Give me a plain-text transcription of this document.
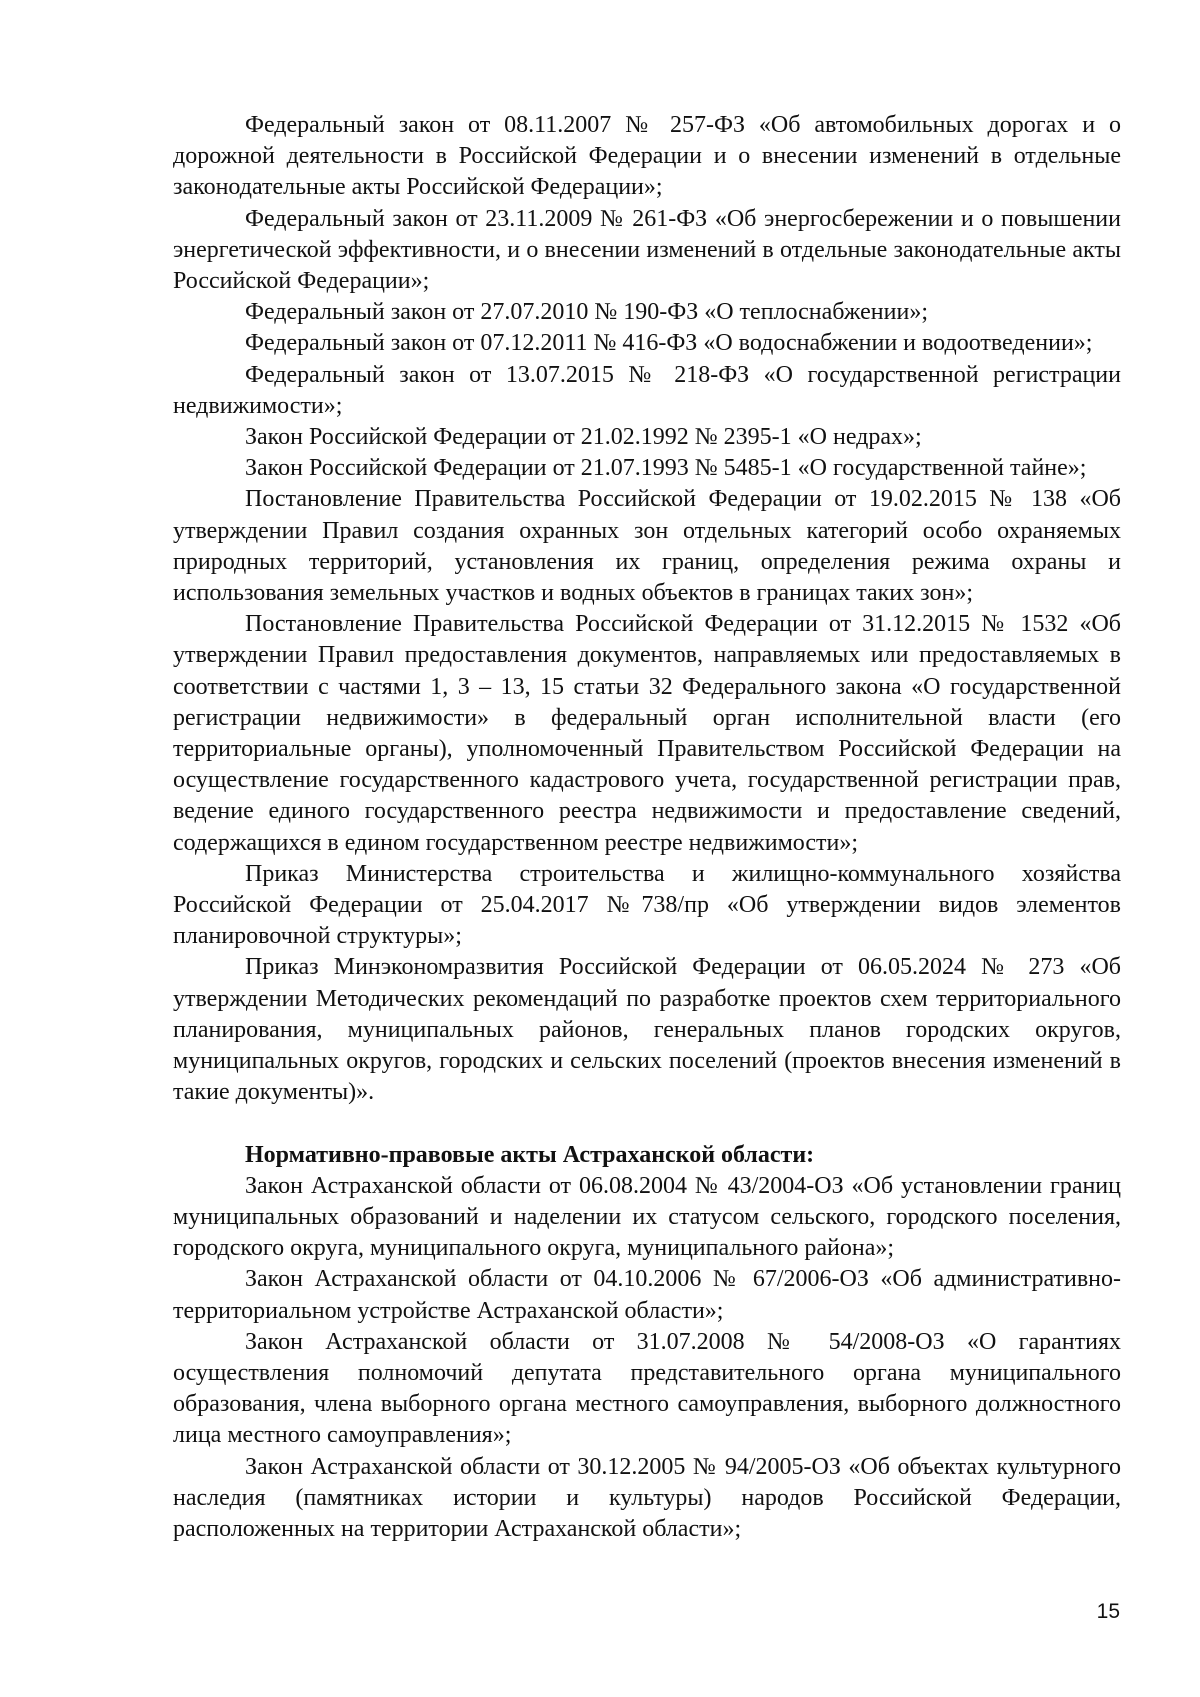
Федеральный закон от 08.11.2007 № 257-ФЗ «Об автомобильных дорогах и о дорожной деятельности в Российской Федерации и о внесении изменений в отдельные законодательные акты Российской Федерации»;

Федеральный закон от 23.11.2009 № 261-ФЗ «Об энергосбережении и о повышении энергетической эффективности, и о внесении изменений в отдельные законодательные акты Российской Федерации»;

Федеральный закон от 27.07.2010 № 190-ФЗ «О теплоснабжении»;

Федеральный закон от 07.12.2011 № 416-ФЗ «О водоснабжении и водоотведении»;

Федеральный закон от 13.07.2015 № 218-ФЗ «О государственной регистрации недвижимости»;

Закон Российской Федерации от 21.02.1992 № 2395-1 «О недрах»;

Закон Российской Федерации от 21.07.1993 № 5485-1 «О государственной тайне»;

Постановление Правительства Российской Федерации от 19.02.2015 № 138 «Об утверждении Правил создания охранных зон отдельных категорий особо охраняемых природных территорий, установления их границ, определения режима охраны и использования земельных участков и водных объектов в границах таких зон»;

Постановление Правительства Российской Федерации от 31.12.2015 № 1532 «Об утверждении Правил предоставления документов, направляемых или предоставляемых в соответствии с частями 1, 3 – 13, 15 статьи 32 Федерального закона «О государственной регистрации недвижимости» в федеральный орган исполнительной власти (его территориальные органы), уполномоченный Правительством Российской Федерации на осуществление государственного кадастрового учета, государственной регистрации прав, ведение единого государственного реестра недвижимости и предоставление сведений, содержащихся в едином государственном реестре недвижимости»;

Приказ Министерства строительства и жилищно-коммунального хозяйства Российской Федерации от 25.04.2017 №738/пр «Об утверждении видов элементов планировочной структуры»;

Приказ Минэкономразвития Российской Федерации от 06.05.2024 № 273 «Об утверждении Методических рекомендаций по разработке проектов схем территориального планирования, муниципальных районов, генеральных планов городских округов, муниципальных округов, городских и сельских поселений (проектов внесения изменений в такие документы)».

Нормативно-правовые акты Астраханской области:

Закон Астраханской области от 06.08.2004 № 43/2004-ОЗ «Об установлении границ муниципальных образований и наделении их статусом сельского, городского поселения, городского округа, муниципального округа, муниципального района»;

Закон Астраханской области от 04.10.2006 № 67/2006-ОЗ «Об административно-территориальном устройстве Астраханской области»;

Закон Астраханской области от 31.07.2008 № 54/2008-ОЗ «О гарантиях осуществления полномочий депутата представительного органа муниципального образования, члена выборного органа местного самоуправления, выборного должностного лица местного самоуправления»;

Закон Астраханской области от 30.12.2005 № 94/2005-ОЗ «Об объектах культурного наследия (памятниках истории и культуры) народов Российской Федерации, расположенных на территории Астраханской области»;

15
